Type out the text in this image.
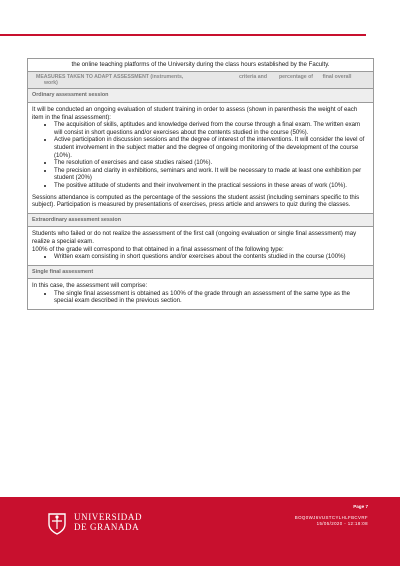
the online teaching platforms of the University during the class hours established by the Faculty.
MEASURES TAKEN TO ADAPT ASSESSMENT (instruments,
work)
criteria and	percentage of	final overall
Ordinary assessment session

It will be conducted an ongoing evaluation of student training in order to assess (shown in parenthesis the weight of each item in the final assessment):

• The acquisition of skills, aptitudes and knowledge derived from the course through a final exam. The written exam will consist in short questions and/or exercises about the contents studied in the course (50%).
• Active participation in discussion sessions and the degree of interest of the interventions. It will consider the level of student involvement in the subject matter and the degree of ongoing monitoring of the development of the course (10%).
• The resolution of exercises and case studies raised (10%).
• The precision and clarity in exhibitions, seminars and work. It will be necessary to made at least one exhibition per student (20%)
• The positive attitude of students and their involvement in the practical sessions in these areas of work (10%).

Sessions attendance is computed as the percentage of the sessions the student assist (including seminars specific to this subject). Participation is measured by presentations of exercises, press article and answers to quiz during the classes.

Extraordinary assessment session

Students who failed or do not realize the assessment of the first call (ongoing evaluation or single final assessment) may realize a special exam.

100% of the grade will correspond to that obtained in a final assessment of the following type:

• Written exam consisting in short questions and/or exercises about the contents studied in the course (100%)
Single final assessment

In this case, the assessment will comprise:

• The single final assessment is obtained as 100% of the grade through an assessment of the same type as the special exam described in the previous section.
UNIVERSIDAD
DE GRANADA
Page 7
BOQ0WJ6VUSTCYLHLFBCVRF
15/05/2020 - 12:18:08
